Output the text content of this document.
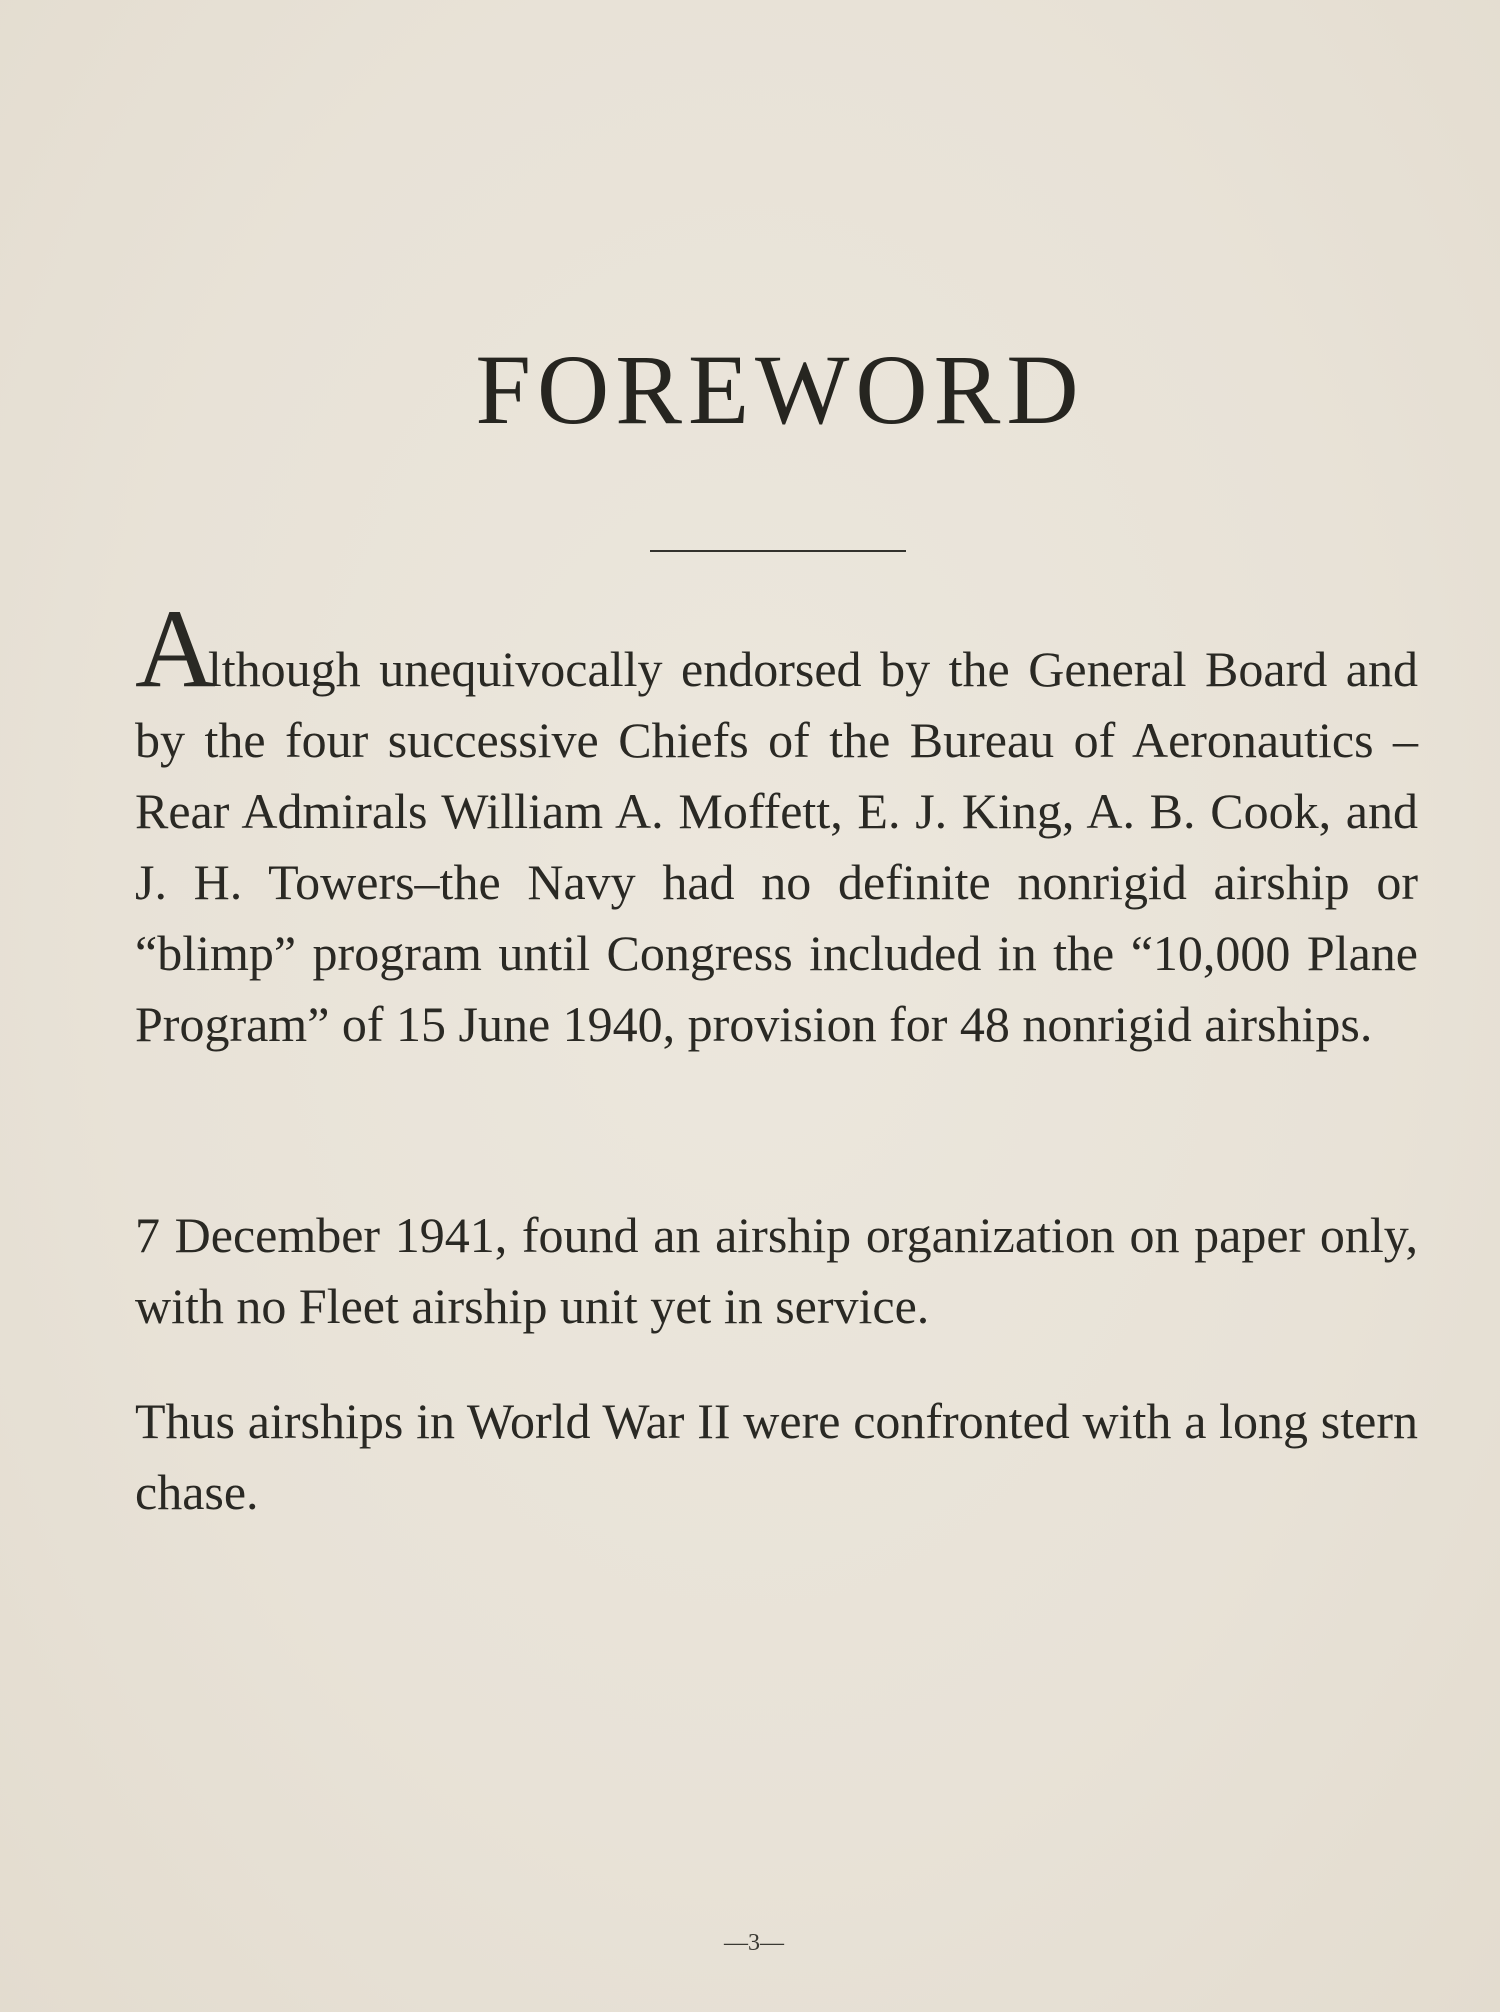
FOREWORD

Although unequivocally endorsed by the General Board and by the four successive Chiefs of the Bureau of Aeronautics – Rear Admirals William A. Moffett, E. J. King, A. B. Cook, and J. H. Towers–the Navy had no definite nonrigid airship or “blimp” program until Congress included in the “10,000 Plane Program” of 15 June 1940, provision for 48 nonrigid airships.

7 December 1941, found an airship organization on paper only, with no Fleet airship unit yet in service.

Thus airships in World War II were confronted with a long stern chase.

—3—
